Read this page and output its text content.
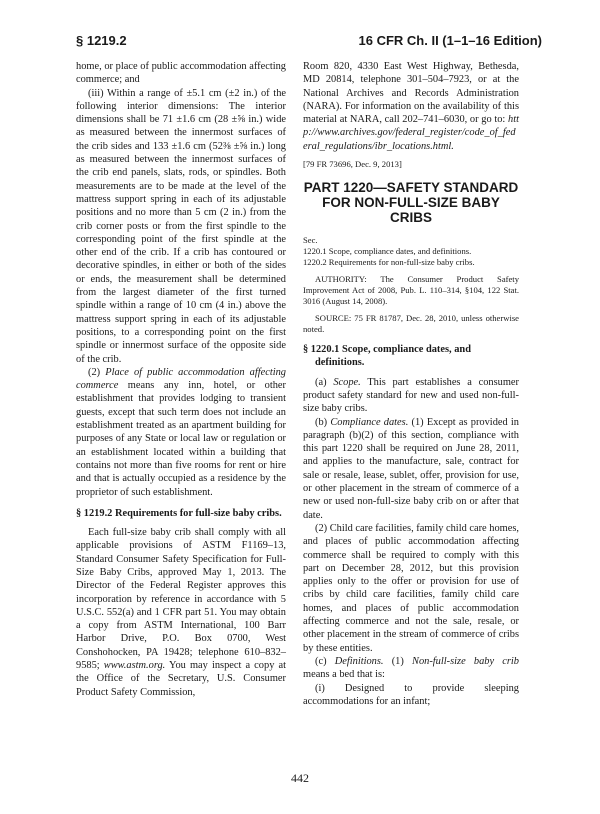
§ 1219.2	16 CFR Ch. II (1–1–16 Edition)

home, or place of public accommodation affecting commerce; and

(iii) Within a range of ±5.1 cm (±2 in.) of the following interior dimensions: The interior dimensions shall be 71 ±1.6 cm (28 ±⅝ in.) wide as measured between the innermost surfaces of the crib sides and 133 ±1.6 cm (52⅜ ±⅝ in.) long as measured between the innermost surfaces of the crib end panels, slats, rods, or spindles. Both measurements are to be made at the level of the mattress support spring in each of its adjustable positions and no more than 5 cm (2 in.) from the crib corner posts or from the first spindle to the corresponding point of the first spindle at the other end of the crib. If a crib has contoured or decorative spindles, in either or both of the sides or ends, the measurement shall be determined from the largest diameter of the first turned spindle within a range of 10 cm (4 in.) above the mattress support spring in each of its adjustable positions, to a corresponding point on the first spindle or innermost surface of the opposite side of the crib.

(2) Place of public accommodation affecting commerce means any inn, hotel, or other establishment that provides lodging to transient guests, except that such term does not include an establishment treated as an apartment building for purposes of any State or local law or regulation or an establishment located within a building that contains not more than five rooms for rent or hire and that is actually occupied as a residence by the proprietor of such establishment.

§ 1219.2 Requirements for full-size baby cribs.

Each full-size baby crib shall comply with all applicable provisions of ASTM F1169–13, Standard Consumer Safety Specification for Full-Size Baby Cribs, approved May 1, 2013. The Director of the Federal Register approves this incorporation by reference in accordance with 5 U.S.C. 552(a) and 1 CFR part 51. You may obtain a copy from ASTM International, 100 Barr Harbor Drive, P.O. Box 0700, West Conshohocken, PA 19428; telephone 610–832–9585; www.astm.org. You may inspect a copy at the Office of the Secretary, U.S. Consumer Product Safety Commission,

Room 820, 4330 East West Highway, Bethesda, MD 20814, telephone 301–504–7923, or at the National Archives and Records Administration (NARA). For information on the availability of this material at NARA, call 202–741–6030, or go to: http://www.archives.gov/federal_register/code_of_federal_regulations/ibr_locations.html.

[79 FR 73696, Dec. 9, 2013]

PART 1220—SAFETY STANDARD FOR NON-FULL-SIZE BABY CRIBS

Sec.

1220.1 Scope, compliance dates, and definitions.

1220.2 Requirements for non-full-size baby cribs.

AUTHORITY: The Consumer Product Safety Improvement Act of 2008, Pub. L. 110–314, §104, 122 Stat. 3016 (August 14, 2008).

SOURCE: 75 FR 81787, Dec. 28, 2010, unless otherwise noted.

§ 1220.1 Scope, compliance dates, and definitions.

(a) Scope. This part establishes a consumer product safety standard for new and used non-full-size baby cribs.

(b) Compliance dates. (1) Except as provided in paragraph (b)(2) of this section, compliance with this part 1220 shall be required on June 28, 2011, and applies to the manufacture, sale, contract for sale or resale, lease, sublet, offer, provision for use, or other placement in the stream of commerce of a new or used non-full-size baby crib on or after that date.

(2) Child care facilities, family child care homes, and places of public accommodation affecting commerce shall be required to comply with this part on December 28, 2012, but this provision applies only to the offer or provision for use of cribs by child care facilities, family child care homes, and places of public accommodation affecting commerce and not the sale, resale, or other placement in the stream of commerce of cribs by these entities.

(c) Definitions. (1) Non-full-size baby crib means a bed that is:

(i) Designed to provide sleeping accommodations for an infant;

442
